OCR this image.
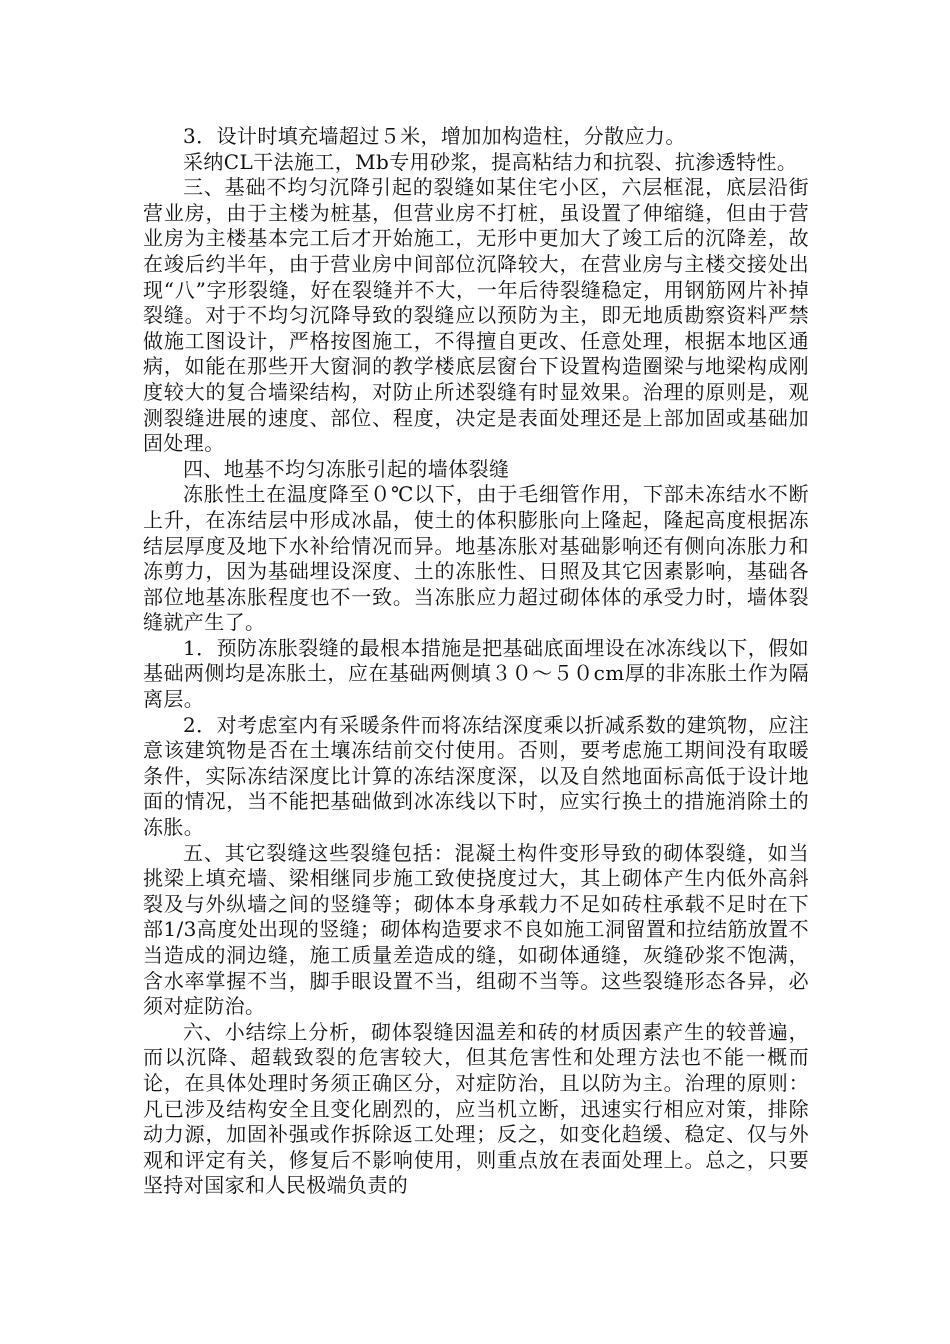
3．设计时填充墙超过５米，增加加构造柱，分散应力。

采纳CL干法施工，Mb专用砂浆，提高粘结力和抗裂、抗渗透特性。

三、基础不均匀沉降引起的裂缝如某住宅小区，六层框混，底层沿街营业房，由于主楼为桩基，但营业房不打桩，虽设置了伸缩缝，但由于营业房为主楼基本完工后才开始施工，无形中更加大了竣工后的沉降差，故在竣后约半年，由于营业房中间部位沉降较大，在营业房与主楼交接处出现“八”字形裂缝，好在裂缝并不大，一年后待裂缝稳定，用钢筋网片补掉裂缝。对于不均匀沉降导致的裂缝应以预防为主，即无地质勘察资料严禁做施工图设计，严格按图施工，不得擅自更改、任意处理，根据本地区通病，如能在那些开大窗洞的教学楼底层窗台下设置构造圈梁与地梁构成刚度较大的复合墙梁结构，对防止所述裂缝有时显效果。治理的原则是，观测裂缝进展的速度、部位、程度，决定是表面处理还是上部加固或基础加固处理。

四、地基不均匀冻胀引起的墙体裂缝

冻胀性土在温度降至０℃以下，由于毛细管作用，下部未冻结水不断上升，在冻结层中形成冰晶，使土的体积膨胀向上隆起，隆起高度根据冻结层厚度及地下水补给情况而异。地基冻胀对基础影响还有侧向冻胀力和冻剪力，因为基础埋设深度、土的冻胀性、日照及其它因素影响，基础各部位地基冻胀程度也不一致。当冻胀应力超过砌体体的承受力时，墙体裂缝就产生了。

1．预防冻胀裂缝的最根本措施是把基础底面埋设在冰冻线以下，假如基础两侧均是冻胀土，应在基础两侧填３０～５０cm厚的非冻胀土作为隔离层。

2．对考虑室内有采暖条件而将冻结深度乘以折减系数的建筑物，应注意该建筑物是否在土壤冻结前交付使用。否则，要考虑施工期间没有取暖条件，实际冻结深度比计算的冻结深度深，以及自然地面标高低于设计地面的情况，当不能把基础做到冰冻线以下时，应实行换土的措施消除土的冻胀。

五、其它裂缝这些裂缝包括：混凝土构件变形导致的砌体裂缝，如当挑梁上填充墙、梁相继同步施工致使挠度过大，其上砌体产生内低外高斜裂及与外纵墙之间的竖缝等；砌体本身承载力不足如砖柱承载不足时在下部1/3高度处出现的竖缝；砌体构造要求不良如施工洞留置和拉结筋放置不当造成的洞边缝，施工质量差造成的缝，如砌体通缝，灰缝砂浆不饱满，含水率掌握不当，脚手眼设置不当，组砌不当等。这些裂缝形态各异，必须对症防治。

六、小结综上分析，砌体裂缝因温差和砖的材质因素产生的较普遍，而以沉降、超载致裂的危害较大，但其危害性和处理方法也不能一概而论，在具体处理时务须正确区分，对症防治，且以防为主。治理的原则：凡已涉及结构安全且变化剧烈的，应当机立断，迅速实行相应对策，排除动力源，加固补强或作拆除返工处理；反之，如变化趋缓、稳定、仅与外观和评定有关，修复后不影响使用，则重点放在表面处理上。总之，只要坚持对国家和人民极端负责的
